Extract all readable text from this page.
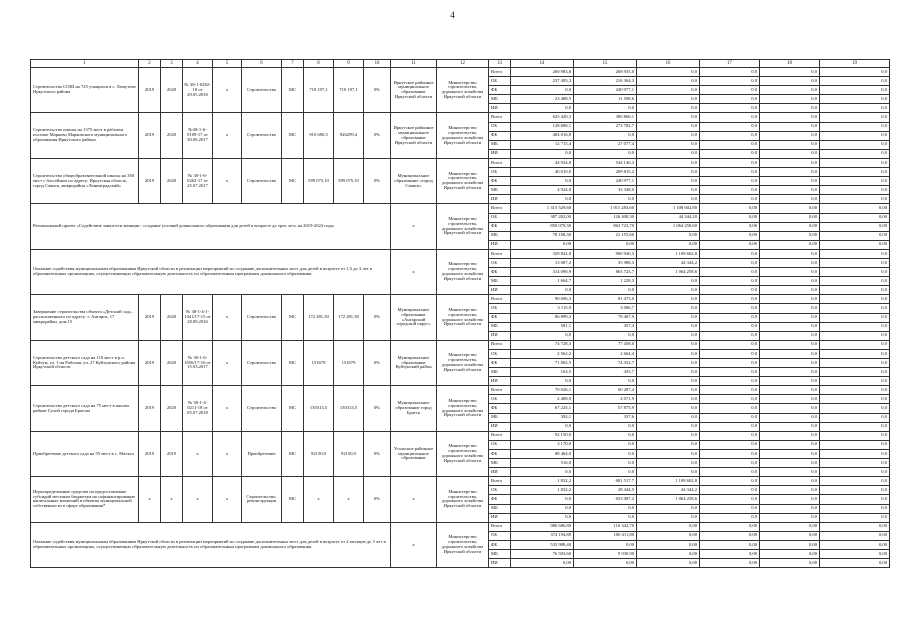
4
1	2	3	4	5	6	7	8	9	10	11	12	13	14	15	16	17	18	19
Строительство СОШ на 725 учащихся в с. Хомутово Иркутского района	2019	2020	№ 38-1-0282-18 от 29.05.2018	х	Строительство	МС	710 197,1	710 197,1	0%	Иркутское районное муниципальное образование Иркутской области	Министерство строительства, дорожного хозяйства Иркутской области	Всего	260 983,8	268 935,0	0,0	0,0	0,0	0,0
												ОБ	237 495,3	216 364,3	0,0	0,0	0,0	0,0
												ФБ	0,0	240 977,1	0,0	0,0	0,0	0,0
												МБ	23 488,5	11 508,6	0,0	0,0	0,0	0,0
												ИИ	0,0	0,0	0,0	0,0	0,0	0,0
Строительство школы на 1375 мест в рабочем поселке Марково Марковского муниципального образования Иркутского района	2019	2020	№38-1-6-0109-17 от 30.06.2017	х	Строительство	МС	910 680,3	926299,4	0%	Иркутское районное муниципальное образование Иркутской области	Министерство строительства, дорожного хозяйства Иркутской области	Всего	625 420,3	300 860,1	0,0	0,0	0,0	0,0
												ОБ	128 688,1	273 782,7	0,0	0,0	0,0	0,0
												ФБ	484 016,8	0,0	0,0	0,0	0,0	0,0
												МБ	12 715,4	27 077,4	0,0	0,0	0,0	0,0
												ИИ	0,0	0,0	0,0	0,0	0,0	0,0
Строительство общеобразовательной школы на 350 мест с бассейном по адресу: Иркутская область, город Саянск, микрорайон «Ленинградский»	2019	2020	№ 38-1-6-0262-17 от 25.07.2017	х	Строительство	МС	589 075,10	589 075,10	0%	Муниципальное образование «город Саянск»	Министерство строительства, дорожного хозяйства Иркутской области	Всего	44 934,8	544 140,3	0,0	0,0	0,0	0,0
												ОБ	40 010,0	269 815,2	0,0	0,0	0,0	0,0
												ФБ	0,0	240 977,1	0,0	0,0	0,0	0,0
												МБ	4 924,8	33 348,0	0,0	0,0	0,0	0,0
												ИИ	0,0	0,0	0,0	0,0	0,0	0,0
Региональный проект «Содействие занятости женщин - создание условий дошкольного образования для детей в возрасте до трех лет» на 2019-2024 годы										х	Министерство строительства, дорожного хозяйства Иркутской области	Всего	1 315 529,60	1 011 283,60	1 108 602,80	0,00	0,00	0,00
												ОБ	387 282,00	126 408,30	44 344,20	0,00	0,00	0,00
												ФБ	850 079,30	863 723,70	1 064 258,60	0,00	0,00	0,00
												МБ	78 168,30	21 155,60	0,00	0,00	0,00	0,00
												ИИ	0,00	0,00	0,00	0,00	0,00	0,00
Оказание содействия муниципальным образованиям Иркутской области в реализации мероприятий по созданию дополнительных мест для детей в возрасте от 1,5 до 3 лет в образовательных организациях, осуществляющих образовательную деятельность по образовательным программам дошкольного образования										х	Министерство строительства, дорожного хозяйства Иркутской области	Всего	329 842,8	900 940,3	1 108 602,8	0,0	0,0	0,0
												ОБ	13 087,2	35 988,3	44 344,2	0,0	0,0	0,0
												ФБ	314 090,9	863 723,7	1 064 258,6	0,0	0,0	0,0
												МБ	1 664,7	1 228,3	0,0	0,0	0,0	0,0
												ИИ	0,0	0,0	0,0	0,0	0,0	0,0
Завершение строительства объекта «Детский сад», расположенного по адресу: г. Ангарск, 17 микрорайон, дом 15	2019	2020	№ 38-1-4-1-1441/17-15 от 28.09.2016	х	Строительство	МС	172 281,30	172 281,30	0%	Муниципальное образование «Ангарский городской округ»	Министерство строительства, дорожного хозяйства Иркутской области	Всего	90 696,3	81 475,0	0,0	0,0	0,0	0,0
												ОБ	3 115,9	3 006,7	0,0	0,0	0,0	0,0
												ФБ	86 899,3	78 407,9	0,0	0,0	0,0	0,0
												МБ	581,1	457,4	0,0	0,0	0,0	0,0
												ИИ	0,0	0,0	0,0	0,0	0,0	0,0
Строительство детского сада на 110 мест в р.п. Куйтун, ул. 1-ая Рабочая, уч. 27 Куйтунского района Иркутской области	2019	2020	№ 38-1-6-1656/17-16 от 15.03.2017	х	Строительство	МС	151679	151679	0%	Муниципальное образование Куйтунский район	Министерство строительства, дорожного хозяйства Иркутской области	Всего	74 728,3	77 458,0	0,0	0,0	0,0	0,0
												ОБ	2 562,2	2 664,4	0,0	0,0	0,0	0,0
												ФБ	71 002,5	74 352,7	0,0	0,0	0,0	0,0
												МБ	163,5	433,7	0,0	0,0	0,0	0,0
												ИИ	0,0	0,0	0,0	0,0	0,0	0,0
Строительство детского сада на 75 мест в жилом районе Сухой города Братска	2019	2020	№ 38-1-4-0211-18 от 05.07.2018	х	Строительство	МС	130313,5	130313,5	0%	Муниципальное образование город Братск	Министерство строительства, дорожного хозяйства Иркутской области	Всего	70 026,1	60 287,4	0,0	0,0	0,0	0,0
												ОБ	2 408,9	2 071,9	0,0	0,0	0,0	0,0
												ФБ	67 225,1	57 875,9	0,0	0,0	0,0	0,0
												МБ	392,1	337,6	0,0	0,0	0,0	0,0
												ИИ	0,0	0,0	0,0	0,0	0,0	0,0
Приобретение детского сада на 55 мест в с. Мальта	2019	2019	х	х	Приобретение	МС	92150,0	92150,0	0%	Усольское районное муниципальное образование	Министерство строительства, дорожного хозяйства Иркутской области	Всего	92 150,0	0,0	0,0	0,0	0,0	0,0
												ОБ	3 170,0	0,0	0,0	0,0	0,0	0,0
												ФБ	88 464,0	0,0	0,0	0,0	0,0	0,0
												МБ	516,0	0,0	0,0	0,0	0,0	0,0
												ИИ	0,0	0,0	0,0	0,0	0,0	0,0
Нераспределенные средства на предоставление субсидий местным бюджетам на софинансирование капитальных вложений в объекты муниципальной собственности в сфере образования*	х	х	х	х	Строительство, реконструкция	МС	х	х	0%	х	Министерство строительства, дорожного хозяйства Иркутской области	Всего	1 832,2	681 517,7	1 108 602,8	0,0	0,0	0,0
												ОБ	1 832,2	28 444,5	44 344,2	0,0	0,0	0,0
												ФБ	0,0	653 087,2	1 064 258,6	0,0	0,0	0,0
												МБ	0,0	0,0	0,0	0,0	0,0	0,0
												ИИ	0,0	0,0	0,0	0,0	0,0	0,0
Оказание содействия муниципальным образованиям Иркутской области в реализации мероприятий по созданию дополнительных мест для детей в возрасте от 2 месяцев до 3 лет в образовательных организациях, осуществляющих образовательную деятельность по образовательным программам дошкольного образования										х	Министерство строительства, дорожного хозяйства Иркутской области	Всего	986 686,80	110 342,70	0,00	0,00	0,00	0,00
												ОБ	374 194,80	100 411,80	0,00	0,00	0,00	0,00
												ФБ	535 988,40	0,00	0,00	0,00	0,00	0,00
												МБ	76 503,60	9 930,90	0,00	0,00	0,00	0,00
												ИИ	0,00	0,00	0,00	0,00	0,00	0,00
